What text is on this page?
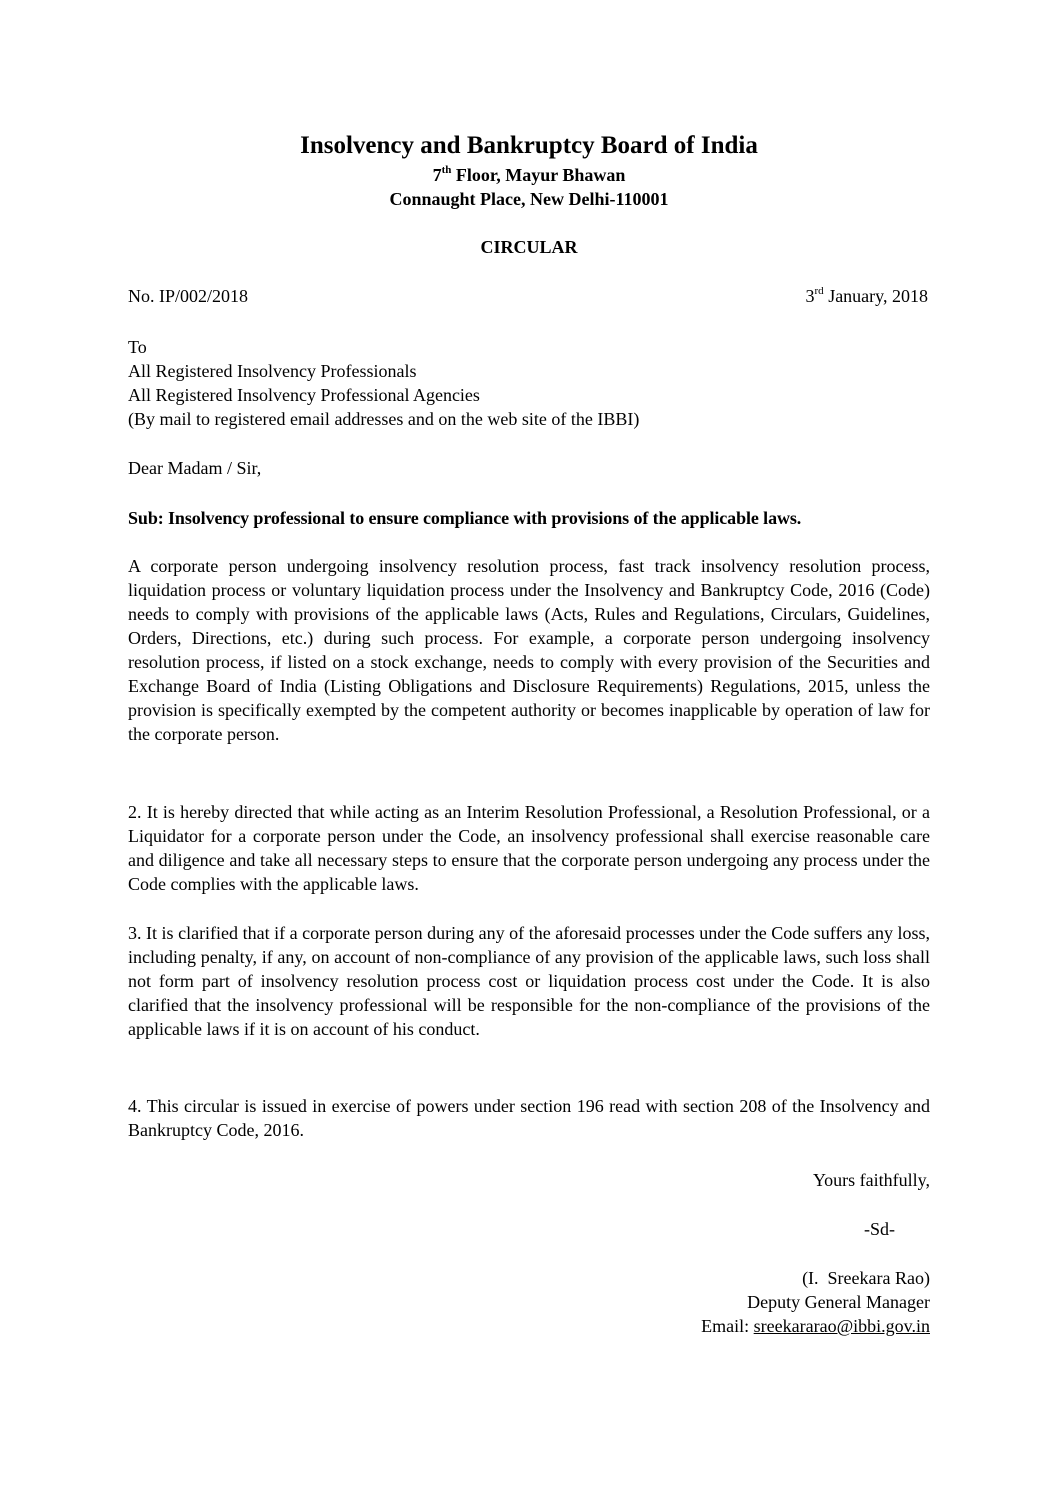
Insolvency and Bankruptcy Board of India
7th Floor, Mayur Bhawan
Connaught Place, New Delhi-110001
CIRCULAR
No. IP/002/2018	3rd January, 2018
To
All Registered Insolvency Professionals
All Registered Insolvency Professional Agencies
(By mail to registered email addresses and on the web site of the IBBI)
Dear Madam / Sir,
Sub: Insolvency professional to ensure compliance with provisions of the applicable laws.
A corporate person undergoing insolvency resolution process, fast track insolvency resolution process, liquidation process or voluntary liquidation process under the Insolvency and Bankruptcy Code, 2016 (Code) needs to comply with provisions of the applicable laws (Acts, Rules and Regulations, Circulars, Guidelines, Orders, Directions, etc.) during such process. For example, a corporate person undergoing insolvency resolution process, if listed on a stock exchange, needs to comply with every provision of the Securities and Exchange Board of India (Listing Obligations and Disclosure Requirements) Regulations, 2015, unless the provision is specifically exempted by the competent authority or becomes inapplicable by operation of law for the corporate person.
2. It is hereby directed that while acting as an Interim Resolution Professional, a Resolution Professional, or a Liquidator for a corporate person under the Code, an insolvency professional shall exercise reasonable care and diligence and take all necessary steps to ensure that the corporate person undergoing any process under the Code complies with the applicable laws.
3. It is clarified that if a corporate person during any of the aforesaid processes under the Code suffers any loss, including penalty, if any, on account of non-compliance of any provision of the applicable laws, such loss shall not form part of insolvency resolution process cost or liquidation process cost under the Code. It is also clarified that the insolvency professional will be responsible for the non-compliance of the provisions of the applicable laws if it is on account of his conduct.
4. This circular is issued in exercise of powers under section 196 read with section 208 of the Insolvency and Bankruptcy Code, 2016.
Yours faithfully,
-Sd-
(I.  Sreekara Rao)
Deputy General Manager
Email: sreekararao@ibbi.gov.in
